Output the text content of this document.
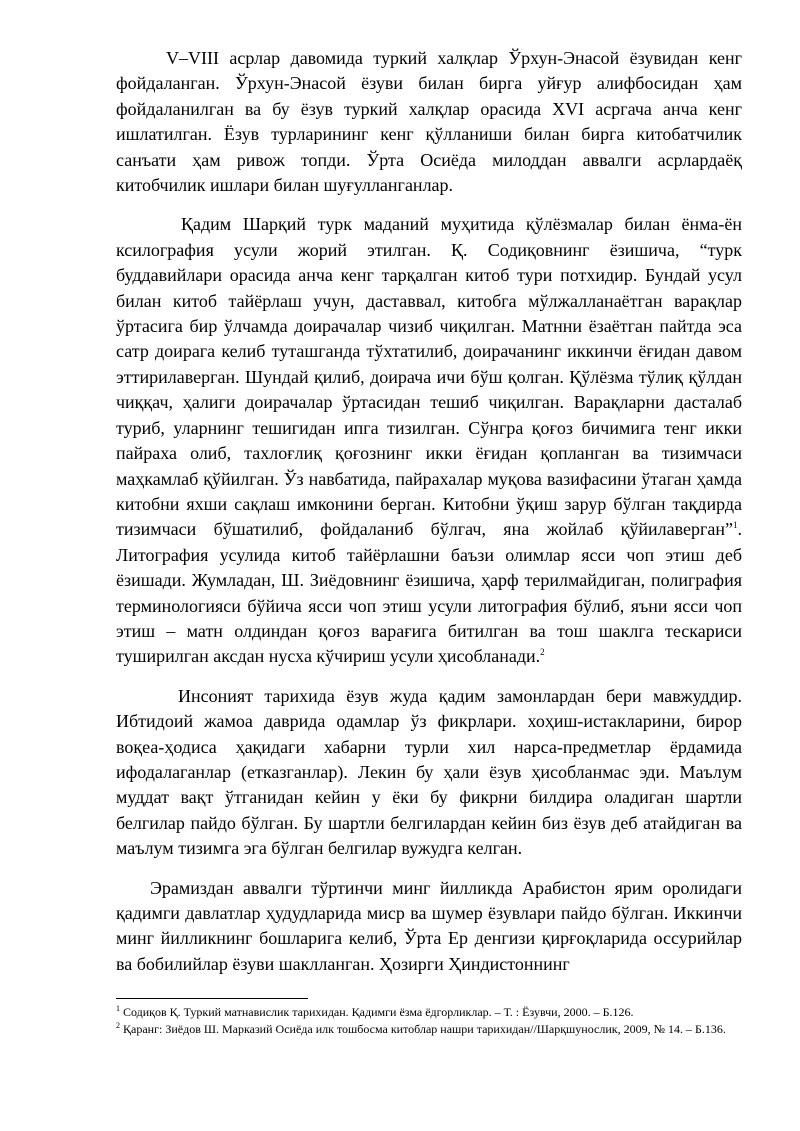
V–VIII асрлар давомида туркий халқлар Ўрхун-Энасой ёзувидан кенг фойдаланган. Ўрхун-Энасой ёзуви билан бирга уйғур алифбосидан ҳам фойдаланилган ва бу ёзув туркий халқлар орасида XVI асргача анча кенг ишлатилган. Ёзув турларининг кенг қўлланиши билан бирга китобатчилик санъати ҳам ривож топди. Ўрта Осиёда милоддан аввалги асрлардаёқ китобчилик ишлари билан шуғулланганлар.

Қадим Шарқий турк маданий муҳитида қўлёзмалар билан ёнма-ён ксилография усули жорий этилган. Қ. Содиқовнинг ёзишича, “турк буддавийлари орасида анча кенг тарқалган китоб тури потхидир. Бундай усул билан китоб тайёрлаш учун, даставвал, китобга мўлжалланаётган варақлар ўртасига бир ўлчамда доирачалар чизиб чиқилган. Матнни ёзаётган пайтда эса сатр доирага келиб туташганда тўхтатилиб, доирачанинг иккинчи ёғидан давом эттирилаверган. Шундай қилиб, доирача ичи бўш қолган. Қўлёзма тўлиқ қўлдан чиққач, ҳалиги доирачалар ўртасидан тешиб чиқилган. Варақларни дасталаб туриб, уларнинг тешигидан ипга тизилган. Сўнгра қоғоз бичимига тенг икки пайраха олиб, тахлоғлиқ қоғознинг икки ёғидан қопланган ва тизимчаси маҳкамлаб қўйилган. Ўз навбатида, пайрахалар муқова вазифасини ўтаган ҳамда китобни яхши сақлаш имконини берган. Китобни ўқиш зарур бўлган тақдирда тизимчаси бўшатилиб, фойдаланиб бўлгач, яна жойлаб қўйилаверган”$^1$. Литография усулида китоб тайёрлашни баъзи олимлар ясси чоп этиш деб ёзишади. Жумладан, Ш. Зиёдовнинг ёзишича, ҳарф терилмайдиган, полиграфия терминологияси бўйича ясси чоп этиш усули литография бўлиб, яъни ясси чоп этиш – матн олдиндан қоғоз варағига битилган ва тош шаклга тескариси туширилган аксдан нусха кўчириш усули ҳисобланади.$^2$

Инсоният тарихида ёзув жуда қадим замонлардан бери мавжуддир. Ибтидоий жамоа даврида одамлар ўз фикрлари. хоҳиш-истакларини, бирор воқеа-ҳодиса ҳақидаги хабарни турли хил нарса-предметлар ёрдамида ифодалаганлар (етказганлар). Лекин бу ҳали ёзув ҳисобланмас эди. Маълум муддат вақт ўтганидан кейин у ёки бу фикрни билдира оладиган шартли белгилар пайдо бўлган. Бу шартли белгилардан кейин биз ёзув деб атайдиган ва маълум тизимга эга бўлган белгилар вужудга келган.

Эрамиздан аввалги тўртинчи минг йилликда Арабистон ярим оролидаги қадимги давлатлар ҳудудларида миср ва шумер ёзувлари пайдо бўлган. Иккинчи минг йилликнинг бошларига келиб, Ўрта Ер денгизи қирғоқларида оссурийлар ва бобилийлар ёзуви шаклланган. Ҳозирги Ҳиндистоннинг

$^1$ Содиқов Қ. Туркий матнавислик тарихидан. Қадимги ёзма ёдгорликлар. – Т. : Ёзувчи, 2000. – Б.126.

$^2$ Қаранг: Зиёдов Ш. Марказий Осиёда илк тошбосма китоблар нашри тарихидан//Шарқшунослик, 2009, № 14. – Б.136.
